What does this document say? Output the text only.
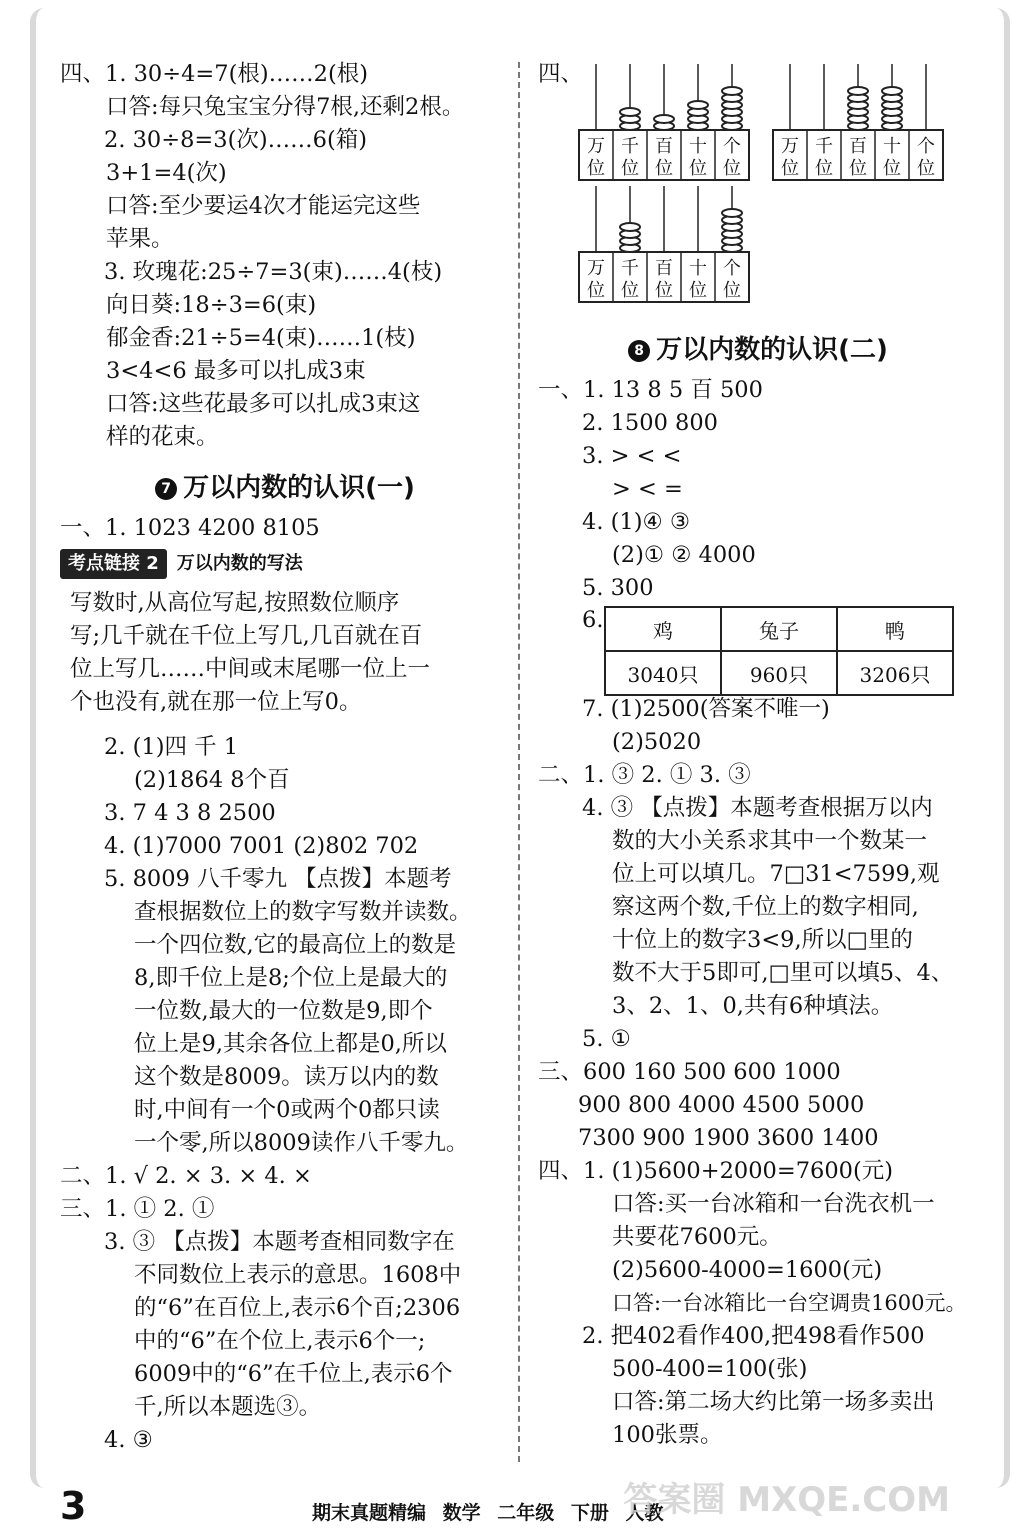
四、1. 30÷4=7(根)……2(根)
口答:每只兔宝宝分得7根,还剩2根。
2. 30÷8=3(次)……6(箱)
3+1=4(次)
口答:至少要运4次才能运完这些
苹果。
3. 玫瑰花:25÷7=3(束)……4(枝)
向日葵:18÷3=6(束)
郁金香:21÷5=4(束)……1(枝)
3<4<6 最多可以扎成3束
口答:这些花最多可以扎成3束这
样的花束。
7 万以内数的认识(一)
一、1. 1023 4200 8105
考点链接 2 万以内数的写法
写数时,从高位写起,按照数位顺序
写;几千就在千位上写几,几百就在百
位上写几……中间或末尾哪一位上一
个也没有,就在那一位上写0。
2. (1)四 千 1
(2)1864 8个百
3. 7 4 3 8 2500
4. (1)7000 7001 (2)802 702
5. 8009 八千零九 【点拨】本题考
查根据数位上的数字写数并读数。
一个四位数,它的最高位上的数是
8,即千位上是8;个位上是最大的
一位数,最大的一位数是9,即个
位上是9,其余各位上都是0,所以
这个数是8009。读万以内的数
时,中间有一个0或两个0都只读
一个零,所以8009读作八千零九。
二、1. √ 2. × 3. × 4. ×
三、1. ① 2. ①
3. ③ 【点拨】本题考查相同数字在
不同数位上表示的意思。1608中
的“6”在百位上,表示6个百;2306
中的“6”在个位上,表示6个一;
6009中的“6”在千位上,表示6个
千,所以本题选③。
4. ③
四、
万
位
千
位
百
位
十
位
个
位
万
位
千
位
百
位
十
位
个
位
万
位
千
位
百
位
十
位
个
位
8 万以内数的认识(二)
一、1. 13 8 5 百 500
2. 1500 800
3. > < <
> < =
4. (1)④ ③
(2)① ② 4000
5. 300
6.	鸡	兔子	鸭
3040只	960只	3206只
7. (1)2500(答案不唯一)
(2)5020
二、1. ③ 2. ① 3. ③
4. ③ 【点拨】本题考查根据万以内
数的大小关系求其中一个数某一
位上可以填几。7□31<7599,观
察这两个数,千位上的数字相同,
十位上的数字3<9,所以□里的
数不大于5即可,□里可以填5、4、
3、2、1、0,共有6种填法。
5. ①
三、600 160 500 600 1000
900 800 4000 4500 5000
7300 900 1900 3600 1400
四、1. (1)5600+2000=7600(元)
口答:买一台冰箱和一台洗衣机一
共要花7600元。
(2)5600-4000=1600(元)
口答:一台冰箱比一台空调贵1600元。
2. 把402看作400,把498看作500
500-400=100(张)
口答:第二场大约比第一场多卖出
100张票。
3	期末真题精编 数学 二年级 下册 人教
答案圈 MXQE.COM
